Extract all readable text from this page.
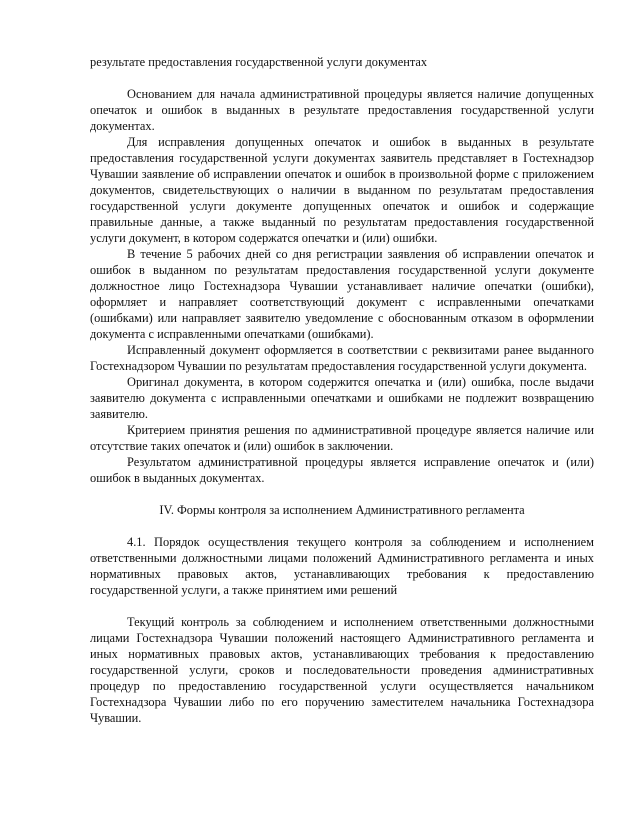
результате предоставления государственной услуги документах

Основанием для начала административной процедуры является наличие допущенных опечаток и ошибок в выданных в результате предоставления государственной услуги документах.

Для исправления допущенных опечаток и ошибок в выданных в результате предоставления государственной услуги документах заявитель представляет в Гостехнадзор Чувашии заявление об исправлении опечаток и ошибок в произвольной форме с приложением документов, свидетельствующих о наличии в выданном по результатам предоставления государственной услуги документе допущенных опечаток и ошибок и содержащие правильные данные, а также выданный по результатам предоставления государственной услуги документ, в котором содержатся опечатки и (или) ошибки.

В течение 5 рабочих дней со дня регистрации заявления об исправлении опечаток и ошибок в выданном по результатам предоставления государственной услуги документе должностное лицо Гостехнадзора Чувашии устанавливает наличие опечатки (ошибки), оформляет и направляет соответствующий документ с исправленными опечатками (ошибками) или направляет заявителю уведомление с обоснованным отказом в оформлении документа с исправленными опечатками (ошибками).

Исправленный документ оформляется в соответствии с реквизитами ранее выданного Гостехнадзором Чувашии по результатам предоставления государственной услуги документа.

Оригинал документа, в котором содержится опечатка и (или) ошибка, после выдачи заявителю документа с исправленными опечатками и ошибками не подлежит возвращению заявителю.

Критерием принятия решения по административной процедуре является наличие или отсутствие таких опечаток и (или) ошибок в заключении.

Результатом административной процедуры является исправление опечаток и (или) ошибок в выданных документах.

IV. Формы контроля за исполнением Административного регламента

4.1. Порядок осуществления текущего контроля за соблюдением и исполнением ответственными должностными лицами положений Административного регламента и иных нормативных правовых актов, устанавливающих требования к предоставлению государственной услуги, а также принятием ими решений

Текущий контроль за соблюдением и исполнением ответственными должностными лицами Гостехнадзора Чувашии положений настоящего Административного регламента и иных нормативных правовых актов, устанавливающих требования к предоставлению государственной услуги, сроков и последовательности проведения административных процедур по предоставлению государственной услуги осуществляется начальником Гостехнадзора Чувашии либо по его поручению заместителем начальника Гостехнадзора Чувашии.
